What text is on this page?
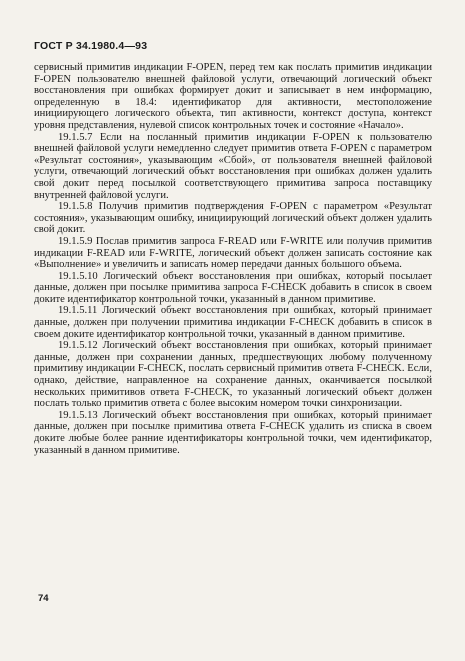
ГОСТ Р 34.1980.4—93

сервисный примитив индикации F-OPEN, перед тем как послать примитив индикации F-OPEN пользователю внешней файловой услуги, отвечающий логический объект восстановления при ошибках формирует докит и записывает в нем информацию, определенную в 18.4: идентификатор для активности, местоположение инициирующего логического объекта, тип активности, контекст доступа, контекст уровня представления, нулевой список контрольных точек и состояние «Начало».

19.1.5.7 Если на посланный примитив индикации F-OPEN к пользователю внешней файловой услуги немедленно следует примитив ответа F-OPEN с параметром «Результат состояния», указывающим «Сбой», от пользователя внешней файловой услуги, отвечающий логический объкт восстановления при ошибках должен удалить свой докит перед посылкой соответствующего примитива запроса поставщику внутренней файловой услуги.

19.1.5.8 Получив примитив подтверждения F-OPEN с параметром «Результат состояния», указывающим ошибку, инициирующий логический объект должен удалить свой докит.

19.1.5.9 Послав примитив запроса F-READ или F-WRITE или получив примитив индикации F-READ или F-WRITE, логический объект должен записать состояние как «Выполнение» и увеличить и записать номер передачи данных большого объема.

19.1.5.10 Логический объект восстановления при ошибках, который посылает данные, должен при посылке примитива запроса F-CHECK добавить в список в своем доките идентификатор контрольной точки, указанный в данном примитиве.

19.1.5.11 Логический объект восстановления при ошибках, который принимает данные, должен при получении примитива индикации F-CHECK добавить в список в своем доките идентификатор контрольной точки, указанный в данном примитиве.

19.1.5.12 Логический объект восстановления при ошибках, который принимает данные, должен при сохранении данных, предшествующих любому полученному примитиву индикации F-CHECK, послать сервисный примитив ответа F-CHECK. Если, однако, действие, направленное на сохранение данных, оканчивается посылкой нескольких примитивов ответа F-CHECK, то указанный логический объект должен послать только примитив ответа с более высоким номером точки синхронизации.

19.1.5.13 Логический объект восстановления при ошибках, который принимает данные, должен при посылке примитива ответа F-CHECK удалить из списка в своем доките любые более ранние идентификаторы контрольной точки, чем идентификатор, указанный в данном примитиве.

74
